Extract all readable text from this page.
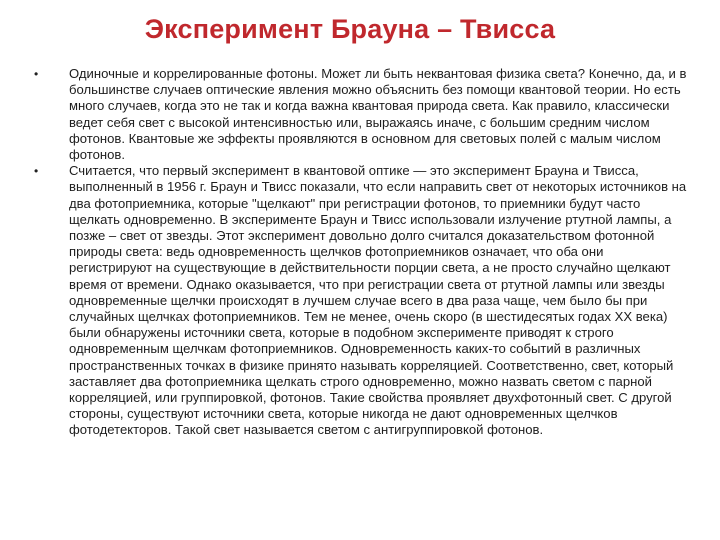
Эксперимент Брауна – Твисса
• Одиночные и коррелированные фотоны. Может ли быть неквантовая физика света? Конечно, да, и в большинстве случаев оптические явления можно объяснить без помощи квантовой теории. Но есть много случаев, когда это не так и когда важна квантовая природа света. Как правило, классически ведет себя свет с высокой интенсивностью или, выражаясь иначе, с большим средним числом фотонов. Квантовые же эффекты проявляются в основном для световых полей с малым числом фотонов.
• Считается, что первый эксперимент в квантовой оптике — это эксперимент Брауна и Твисса, выполненный в 1956 г. Браун и Твисс показали, что если направить свет от некоторых источников на два фотоприемника, которые "щелкают" при регистрации фотонов, то приемники будут часто щелкать одновременно. В эксперименте Браун и Твисс использовали излучение ртутной лампы, а позже – свет от звезды. Этот эксперимент довольно долго считался доказательством фотонной природы света: ведь одновременность щелчков фотоприемников означает, что оба они регистрируют на существующие в действительности порции света, а не просто случайно щелкают время от времени. Однако оказывается, что при регистрации света от ртутной лампы или звезды одновременные щелчки происходят в лучшем случае всего в два раза чаще, чем было бы при случайных щелчках фотоприемников. Тем не менее, очень скоро (в шестидесятых годах XX века) были обнаружены источники света, которые в подобном эксперименте приводят к строго одновременным щелчкам фотоприемников. Одновременность каких-то событий в различных пространственных точках в физике принято называть корреляцией. Соответственно, свет, который заставляет два фотоприемника щелкать строго одновременно, можно назвать светом с парной корреляцией, или группировкой, фотонов. Такие свойства проявляет двухфотонный свет. С другой стороны, существуют источники света, которые никогда не дают одновременных щелчков фотодетекторов. Такой свет называется светом с антигруппировкой фотонов.
